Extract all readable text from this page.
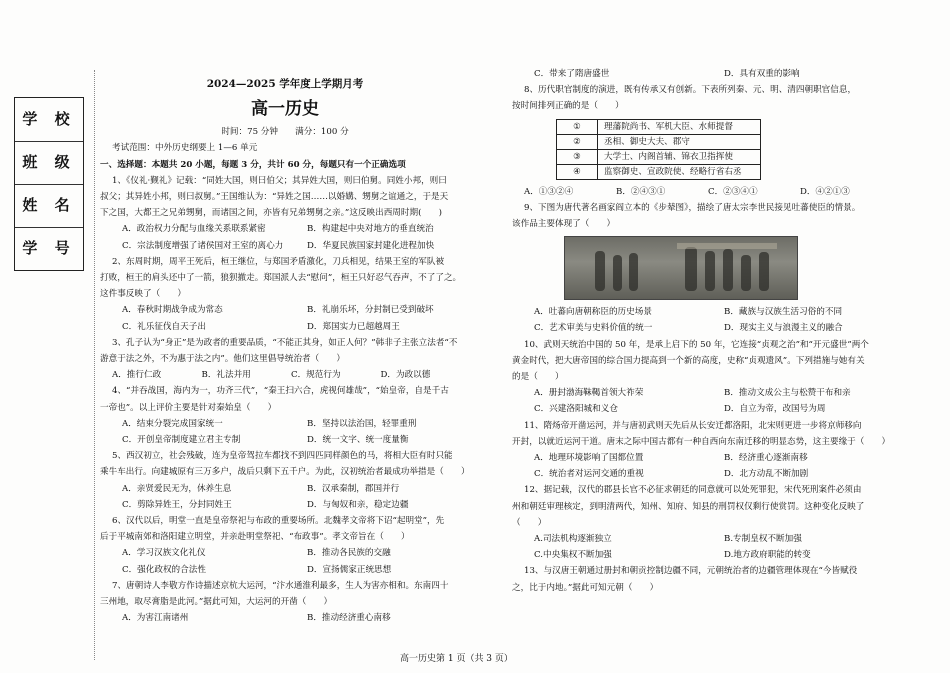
学 校
班 级
姓 名
学 号

2024—2025 学年度上学期月考

高一历史

时间：75 分钟　　满分：100 分

考试范围：中外历史纲要上 1—6 单元

一、选择题：本题共 20 小题，每题 3 分，共计 60 分，每题只有一个正确选项

1、《仪礼·觐礼》记载：“同姓大国，则曰伯父；其异姓大国，则曰伯舅。同姓小邦，则曰

叔父；其异姓小邦，则曰叔舅。”王国维认为：“异姓之国……以婚媾、甥舅之谊通之，于是天

下之国，大都王之兄弟甥舅，而诸国之间，亦皆有兄弟甥舅之亲。”这反映出西周时期(　　)

A．政治权力分配与血缘关系联系紧密	B．构建起中央对地方的垂直统治
C．宗法制度增强了诸侯国对王室的离心力	D．华夏民族国家封建化进程加快

2、东周时期，周平王死后，桓王继位，与郑国矛盾激化，刀兵相见，结果王室的军队被

打败，桓王的肩头还中了一箭，狼狈撤走。郑国派人去“慰问”，桓王只好忍气吞声，不了了之。

这件事反映了（　　）

A．春秋时期战争成为常态	B．礼崩乐坏，分封制已受到破坏
C．礼乐征伐自天子出	D．郑国实力已超越周王

3、孔子认为“身正”是为政者的重要品质，“不能正其身，如正人何？”韩非子主张立法者“不

游意于法之外，不为惠于法之内”。他们这里倡导统治者（　　）

A．推行仁政	B．礼法并用	C．规范行为	D．为政以德

4、“并吞战国，海内为一，功齐三代”，“秦王扫六合，虎视何雄哉”，“始皇帝，自是千古

一帝也”。以上评价主要是针对秦始皇（　　）

A．结束分裂完成国家统一	B．坚持以法治国，轻罪重刑
C．开创皇帝制度建立君主专制	D．统一文字、统一度量衡

5、西汉初立，社会残破，连为皇帝驾拉车都找不到四匹同样颜色的马，将相大臣有时只能

乘牛车出行。向建城原有三万多户，战后只剩下五千户。为此，汉初统治者最成功举措是（　　）

A．亲贤爱民无为，休养生息	B．汉承秦制，郡国并行
C．剪除异姓王，分封同姓王	D．与匈奴和亲，稳定边疆

6、汉代以后，明堂一直是皇帝祭祀与布政的重要场所。北魏孝文帝将下诏“起明堂”，先

后于平城南郊和洛阳建立明堂，并亲赴明堂祭祀、“布政事”。孝文帝旨在（　　）

A．学习汉族文化礼仪	B．推动各民族的交融
C．强化政权的合法性	D．宣扬儒家正统思想

7、唐朝诗人李敬方作诗描述京杭大运河，“汴水通淮利最多，生人为害亦相和。东南四十

三州地，取尽膏脂是此河。”据此可知，大运河的开凿（　　）

A．为害江南诸州	B．推动经济重心南移
C．带来了隋唐盛世	D．具有双重的影响

8、历代职官制度的演进，既有传承又有创新。下表所列秦、元、明、清四朝职官信息，

按时间排列正确的是（　　）

①	理藩院尚书、军机大臣、水师提督
②	丞相、御史大夫、郡守
③	大学士、内阁首辅、锦衣卫指挥使
④	监察御史、宣政院使、经略行省右丞
A．①③②④	B．②④③①	C．②③④①	D．④②①③

9、下图为唐代著名画家阎立本的《步辇图》，描绘了唐太宗李世民接见吐蕃使臣的情景。

该作品主要体现了（　　）

A．吐蕃向唐朝称臣的历史场景	B．藏族与汉族生活习俗的不同
C．艺术审美与史料价值的统一	D．现实主义与浪漫主义的融合

10、武则天统治中国的 50 年，是承上启下的 50 年，它连接“贞观之治”和“开元盛世”两个

黄金时代，把大唐帝国的综合国力提高到一个新的高度，史称“贞观遗风”。下列措施与她有关

的是（　　）

A．册封渤海靺鞨首领大祚荣	B．推动文成公主与松赞干布和亲
C．兴建洛阳城和义仓	D．自立为帝，改国号为周

11、隋炀帝开凿运河，并与唐初武则天先后从长安迁都洛阳，北宋则更进一步将京师移向

开封，以就近运河干道。唐末之际中国古都有一种自西向东南迁移的明显态势，这主要缘于（　　）

A．地理环境影响了国都位置	B．经济重心逐渐南移
C．统治者对运河交通的重视	D．北方动乱不断加剧

12、据记载，汉代的郡县长官不必征求朝廷的同意就可以处死罪犯，宋代死刑案件必须由

州和朝廷审理核定，到明清两代，知州、知府、知县的刑罚权仅剩行使赏罚。这种变化反映了

（　　）

A.司法机构逐渐独立	B.专制皇权不断加强
C.中央集权不断加强	D.地方政府职能的转变

13、与汉唐王朝通过册封和朝贡控制边疆不同，元朝统治者的边疆管理体现在“今皆赋役

之，比于内地。”据此可知元朝（　　）

高一历史第 1 页（共 3 页）
